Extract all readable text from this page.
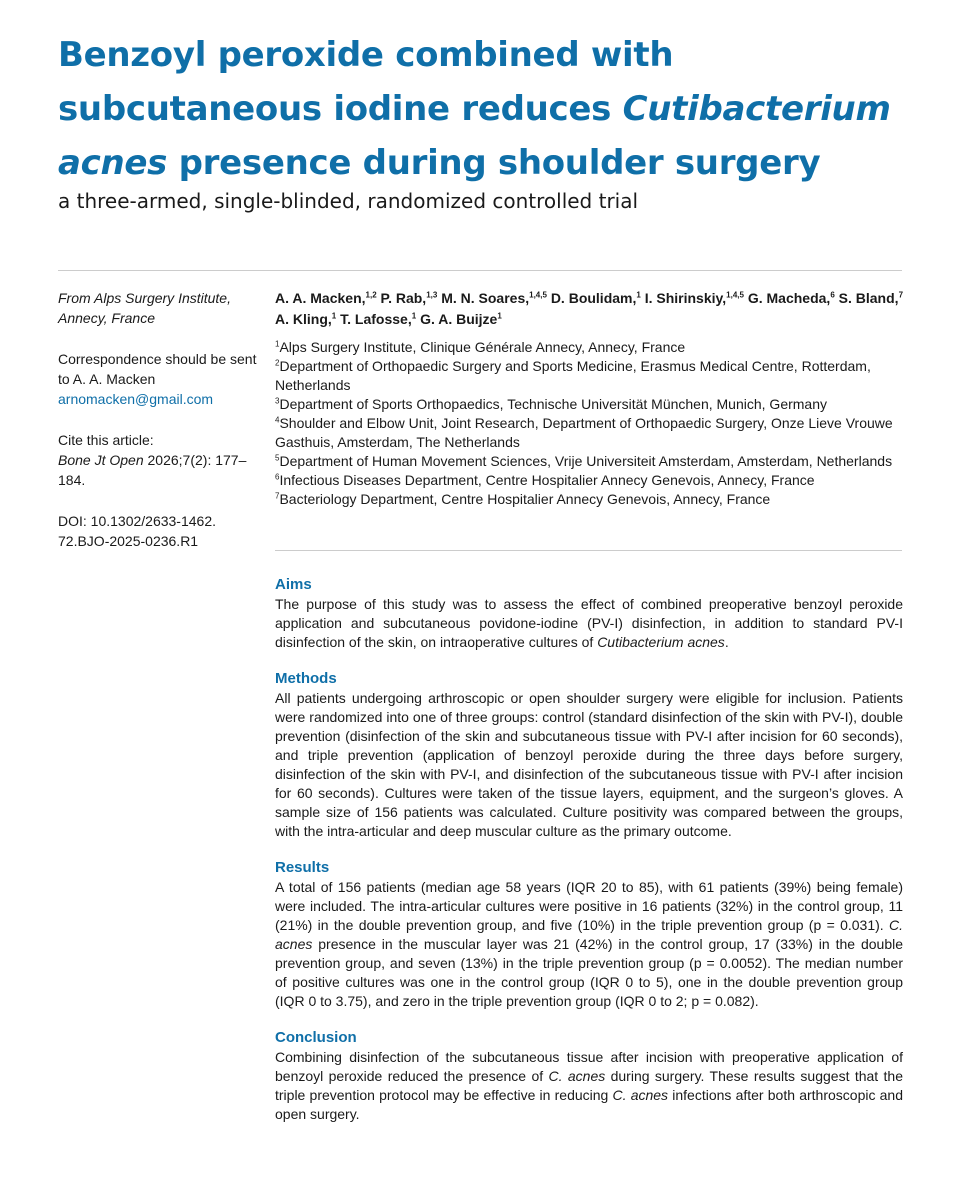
Benzoyl peroxide combined with
subcutaneous iodine reduces Cutibacterium
acnes presence during shoulder surgery
a three-armed, single-blinded, randomized controlled trial
From Alps Surgery Institute, Annecy, France
Correspondence should be sent to A. A. Macken
arnomacken@gmail.com
Cite this article:
Bone Jt Open 2026;7(2): 177–184.
DOI: 10.1302/2633-1462. 72.BJO-2025-0236.R1
A. A. Macken,$^{1,2}$ P. Rab,$^{1,3}$ M. N. Soares,$^{1,4,5}$ D. Boulidam,$^1$ I. Shirinskiy,$^{1,4,5}$ G. Macheda,$^6$ S. Bland,$^7$ A. Kling,$^1$ T. Lafosse,$^1$ G. A. Buijze$^1$
$^1$Alps Surgery Institute, Clinique Générale Annecy, Annecy, France
$^2$Department of Orthopaedic Surgery and Sports Medicine, Erasmus Medical Centre, Rotterdam, Netherlands
$^3$Department of Sports Orthopaedics, Technische Universität München, Munich, Germany
$^4$Shoulder and Elbow Unit, Joint Research, Department of Orthopaedic Surgery, Onze Lieve Vrouwe Gasthuis, Amsterdam, The Netherlands
$^5$Department of Human Movement Sciences, Vrije Universiteit Amsterdam, Amsterdam, Netherlands
$^6$Infectious Diseases Department, Centre Hospitalier Annecy Genevois, Annecy, France
$^7$Bacteriology Department, Centre Hospitalier Annecy Genevois, Annecy, France
Aims

The purpose of this study was to assess the effect of combined preoperative benzoyl peroxide application and subcutaneous povidone-iodine (PV-I) disinfection, in addition to standard PV-I disinfection of the skin, on intraoperative cultures of Cutibacterium acnes.

Methods

All patients undergoing arthroscopic or open shoulder surgery were eligible for inclusion. Patients were randomized into one of three groups: control (standard disinfection of the skin with PV-I), double prevention (disinfection of the skin and subcutaneous tissue with PV-I after incision for 60 seconds), and triple prevention (application of benzoyl peroxide during the three days before surgery, disinfection of the skin with PV-I, and disinfection of the subcutaneous tissue with PV-I after incision for 60 seconds). Cultures were taken of the tissue layers, equipment, and the surgeon’s gloves. A sample size of 156 patients was calculated. Culture positivity was compared between the groups, with the intra-articular and deep muscular culture as the primary outcome.

Results

A total of 156 patients (median age 58 years (IQR 20 to 85), with 61 patients (39%) being female) were included. The intra-articular cultures were positive in 16 patients (32%) in the control group, 11 (21%) in the double prevention group, and five (10%) in the triple prevention group (p = 0.031). C. acnes presence in the muscular layer was 21 (42%) in the control group, 17 (33%) in the double prevention group, and seven (13%) in the triple prevention group (p = 0.0052). The median number of positive cultures was one in the control group (IQR 0 to 5), one in the double prevention group (IQR 0 to 3.75), and zero in the triple prevention group (IQR 0 to 2; p = 0.082).

Conclusion

Combining disinfection of the subcutaneous tissue after incision with preoperative application of benzoyl peroxide reduced the presence of C. acnes during surgery. These results suggest that the triple prevention protocol may be effective in reducing C. acnes infections after both arthroscopic and open surgery.
